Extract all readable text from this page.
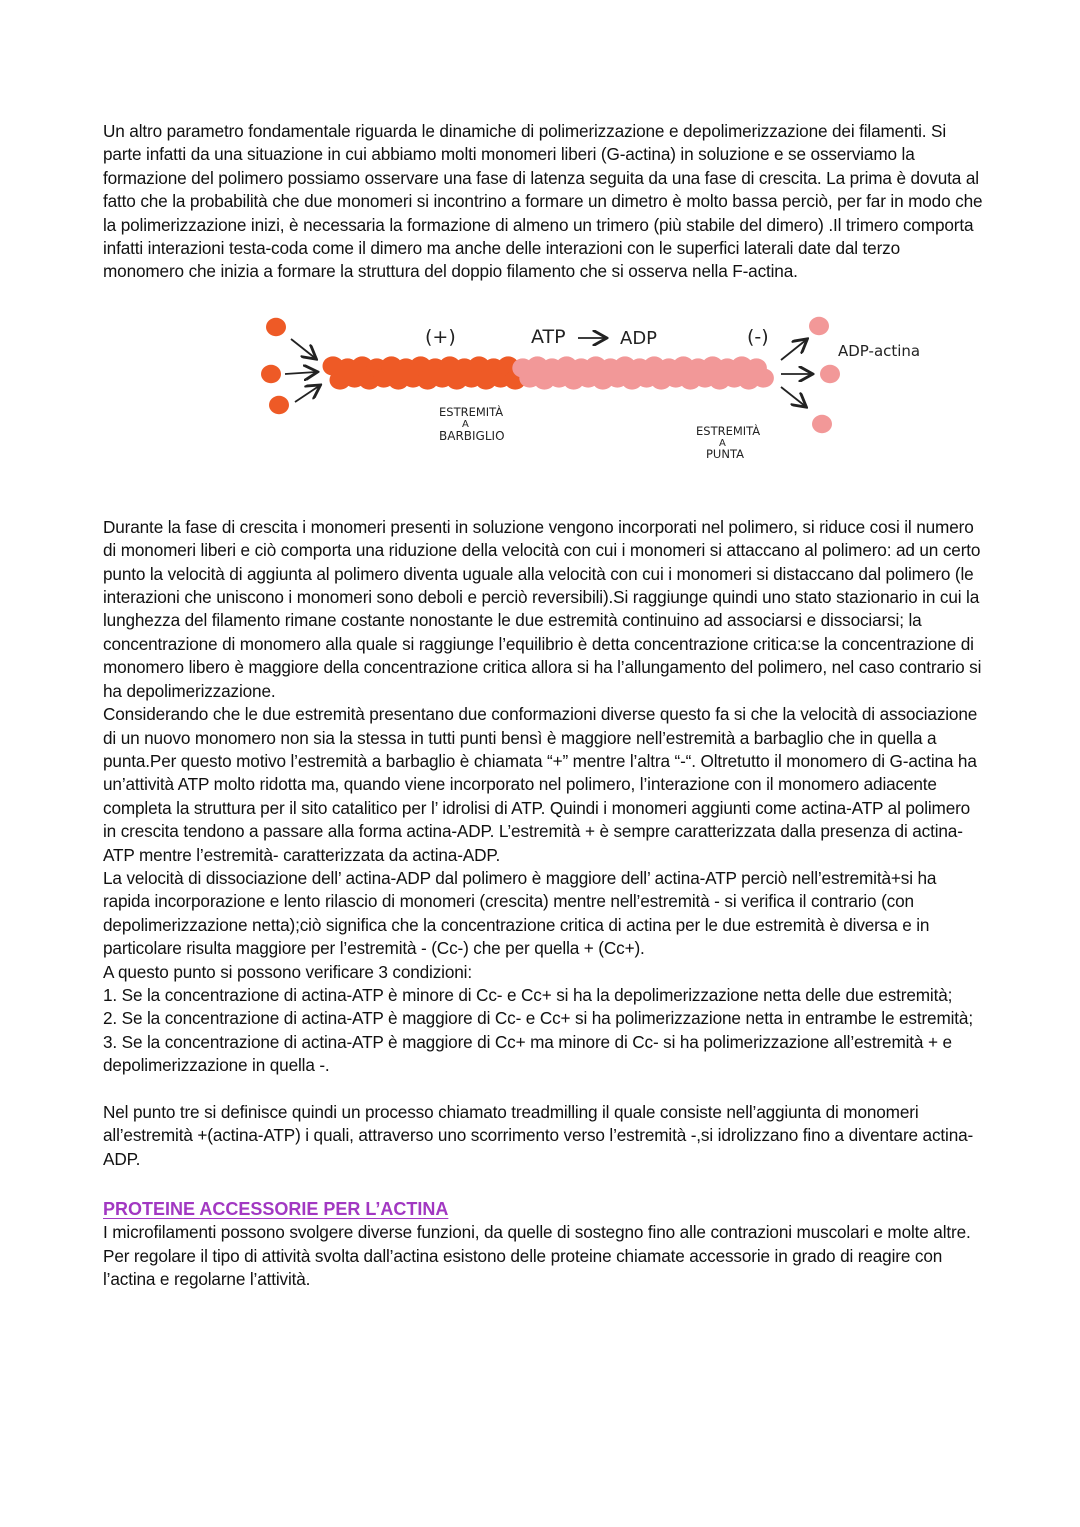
Un altro parametro fondamentale riguarda le dinamiche di polimerizzazione e depolimerizzazione dei filamenti. Si parte infatti da una situazione in cui abbiamo molti monomeri liberi (G-actina) in soluzione e se osserviamo la formazione del polimero possiamo osservare una fase di latenza seguita da una fase di crescita. La prima è dovuta al fatto che la probabilità che due monomeri si incontrino a formare un dimetro è molto bassa perciò, per far in modo che la polimerizzazione inizi, è necessaria la formazione di almeno un trimero (più stabile del dimero) .Il trimero comporta infatti interazioni testa-coda come il dimero ma anche delle interazioni con le superfici laterali date dal terzo monomero che inizia a formare la struttura del doppio filamento che si osserva nella F-actina.

(+)	ATP	ADP	(-)
ADP-actina
ESTREMITÀ
A
BARBIGLIO	ESTREMITÀ
A
PUNTA

Durante la fase di crescita i monomeri presenti in soluzione vengono incorporati nel polimero, si riduce cosi il numero di monomeri liberi e ciò comporta una riduzione della velocità con cui i monomeri si attaccano al polimero: ad un certo punto la velocità di aggiunta al polimero diventa uguale alla velocità con cui i monomeri si distaccano dal polimero (le interazioni che uniscono i monomeri sono deboli e perciò reversibili).Si raggiunge quindi uno stato stazionario in cui la lunghezza del filamento rimane costante nonostante le due estremità continuino ad associarsi e dissociarsi; la concentrazione di monomero alla quale si raggiunge l’equilibrio è detta concentrazione critica:se la concentrazione di monomero libero è maggiore della concentrazione critica allora si ha l’allungamento del polimero, nel caso contrario si ha depolimerizzazione.

Considerando che le due estremità presentano due conformazioni diverse questo fa si che la velocità di associazione di un nuovo monomero non sia la stessa in tutti punti bensì è maggiore nell’estremità a barbaglio che in quella a punta.Per questo motivo l’estremità a barbaglio è chiamata “+” mentre l’altra “-“. Oltretutto il monomero di G-actina ha un’attività ATP molto ridotta ma, quando viene incorporato nel polimero, l’interazione con il monomero adiacente completa la struttura per il sito catalitico per l’ idrolisi di ATP. Quindi i monomeri aggiunti come actina-ATP al polimero in crescita tendono a passare alla forma actina-ADP. L’estremità + è sempre caratterizzata dalla presenza di actina-ATP mentre l’estremità- caratterizzata da actina-ADP.

La velocità di dissociazione dell’ actina-ADP dal polimero è maggiore dell’ actina-ATP perciò nell’estremità+si ha rapida incorporazione e lento rilascio di monomeri (crescita) mentre nell’estremità - si verifica il contrario (con depolimerizzazione netta);ciò significa che la concentrazione critica di actina per le due estremità è diversa e in particolare risulta maggiore per l’estremità - (Cc-) che per quella + (Cc+).

A questo punto si possono verificare 3 condizioni:

1. Se la concentrazione di actina-ATP è minore di Cc- e Cc+ si ha la depolimerizzazione netta delle due estremità;

2. Se la concentrazione di actina-ATP è maggiore di Cc- e Cc+ si ha polimerizzazione netta in entrambe le estremità;

3. Se la concentrazione di actina-ATP è maggiore di Cc+ ma minore di Cc- si ha polimerizzazione all’estremità + e depolimerizzazione in quella -.

Nel punto tre si definisce quindi un processo chiamato treadmilling il quale consiste nell’aggiunta di monomeri all’estremità +(actina-ATP) i quali, attraverso uno scorrimento verso l’estremità -,si idrolizzano fino a diventare actina-ADP.

PROTEINE ACCESSORIE PER L’ACTINA

I microfilamenti possono svolgere diverse funzioni, da quelle di sostegno fino alle contrazioni muscolari e molte altre. Per regolare il tipo di attività svolta dall’actina esistono delle proteine chiamate accessorie in grado di reagire con l’actina e regolarne l’attività.
